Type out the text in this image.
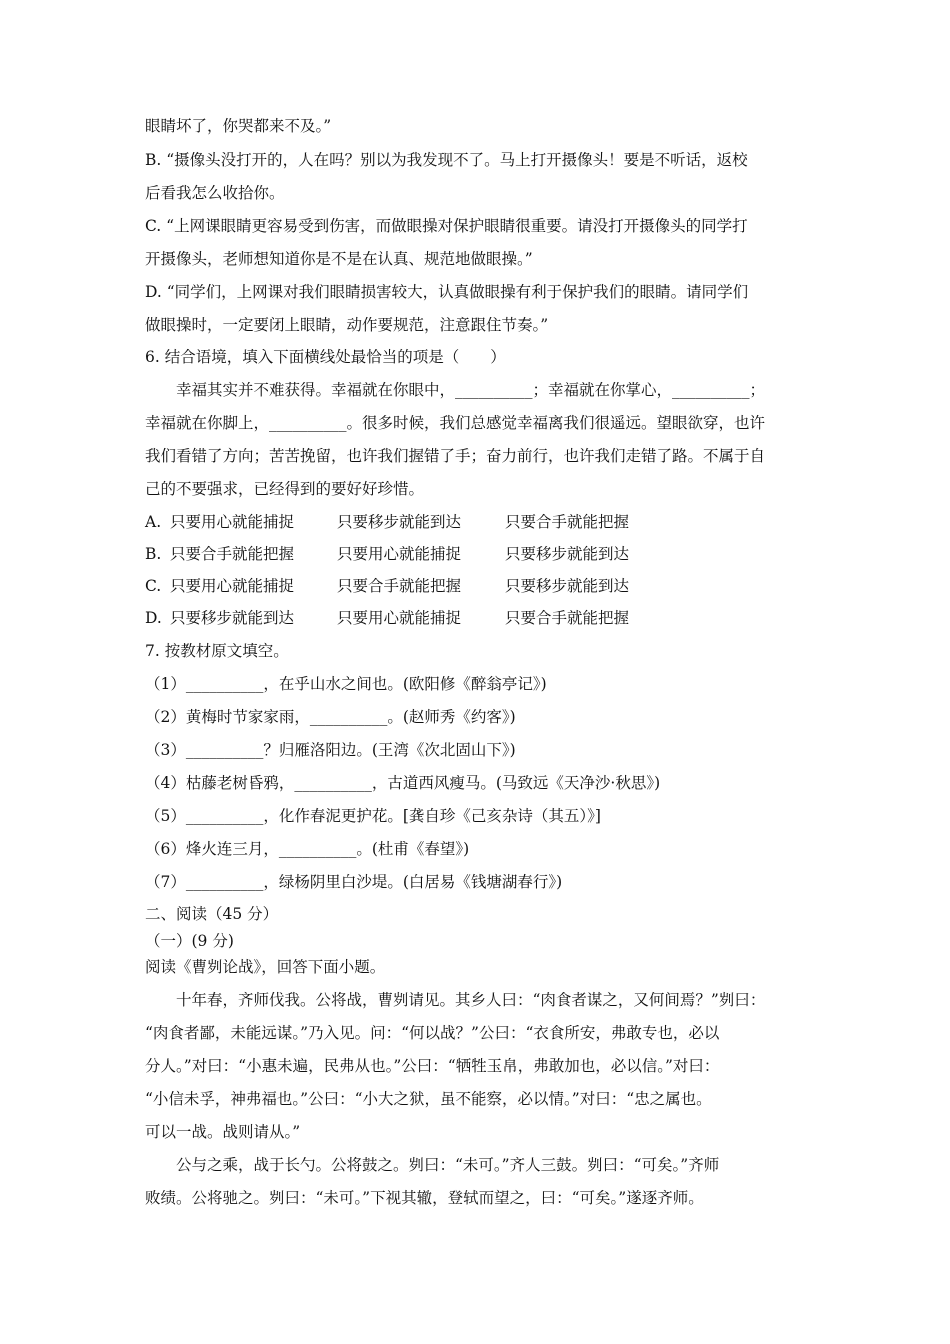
眼睛坏了，你哭都来不及。”
B. “摄像头没打开的，人在吗？别以为我发现不了。马上打开摄像头！要是不听话，返校
后看我怎么收拾你。
C. “上网课眼睛更容易受到伤害，而做眼操对保护眼睛很重要。请没打开摄像头的同学打
开摄像头，老师想知道你是不是在认真、规范地做眼操。”
D. “同学们，上网课对我们眼睛损害较大，认真做眼操有利于保护我们的眼睛。请同学们
做眼操时，一定要闭上眼睛，动作要规范，注意跟住节奏。”
6. 结合语境，填入下面横线处最恰当的项是（　　）
幸福其实并不难获得。幸福就在你眼中，__________；幸福就在你掌心，__________；
幸福就在你脚上，__________。很多时候，我们总感觉幸福离我们很遥远。望眼欲穿，也许
我们看错了方向；苦苦挽留，也许我们握错了手；奋力前行，也许我们走错了路。不属于自
己的不要强求，已经得到的要好好珍惜。
A. 只要用心就能捕捉	只要移步就能到达	只要合手就能把握
B. 只要合手就能把握	只要用心就能捕捉	只要移步就能到达
C. 只要用心就能捕捉	只要合手就能把握	只要移步就能到达
D. 只要移步就能到达	只要用心就能捕捉	只要合手就能把握
7. 按教材原文填空。
（1）__________，在乎山水之间也。(欧阳修《醉翁亭记》)
（2）黄梅时节家家雨，__________。(赵师秀《约客》)
（3）__________？归雁洛阳边。(王湾《次北固山下》)
（4）枯藤老树昏鸦，__________，古道西风瘦马。(马致远《天净沙·秋思》)
（5）__________，化作春泥更护花。[龚自珍《己亥杂诗（其五）》]
（6）烽火连三月，__________。(杜甫《春望》)
（7）__________，绿杨阴里白沙堤。(白居易《钱塘湖春行》)
二、阅读（45 分）
（一）(9 分)
阅读《曹刿论战》，回答下面小题。
十年春，齐师伐我。公将战，曹刿请见。其乡人曰：“肉食者谋之，又何间焉？”刿曰：
“肉食者鄙，未能远谋。”乃入见。问：“何以战？”公曰：“衣食所安，弗敢专也，必以
分人。”对曰：“小惠未遍，民弗从也。”公曰：“牺牲玉帛，弗敢加也，必以信。”对曰：
“小信未孚，神弗福也。”公曰：“小大之狱，虽不能察，必以情。”对曰：“忠之属也。
可以一战。战则请从。”
公与之乘，战于长勺。公将鼓之。刿曰：“未可。”齐人三鼓。刿曰：“可矣。”齐师
败绩。公将驰之。刿曰：“未可。”下视其辙，登轼而望之，曰：“可矣。”遂逐齐师。
